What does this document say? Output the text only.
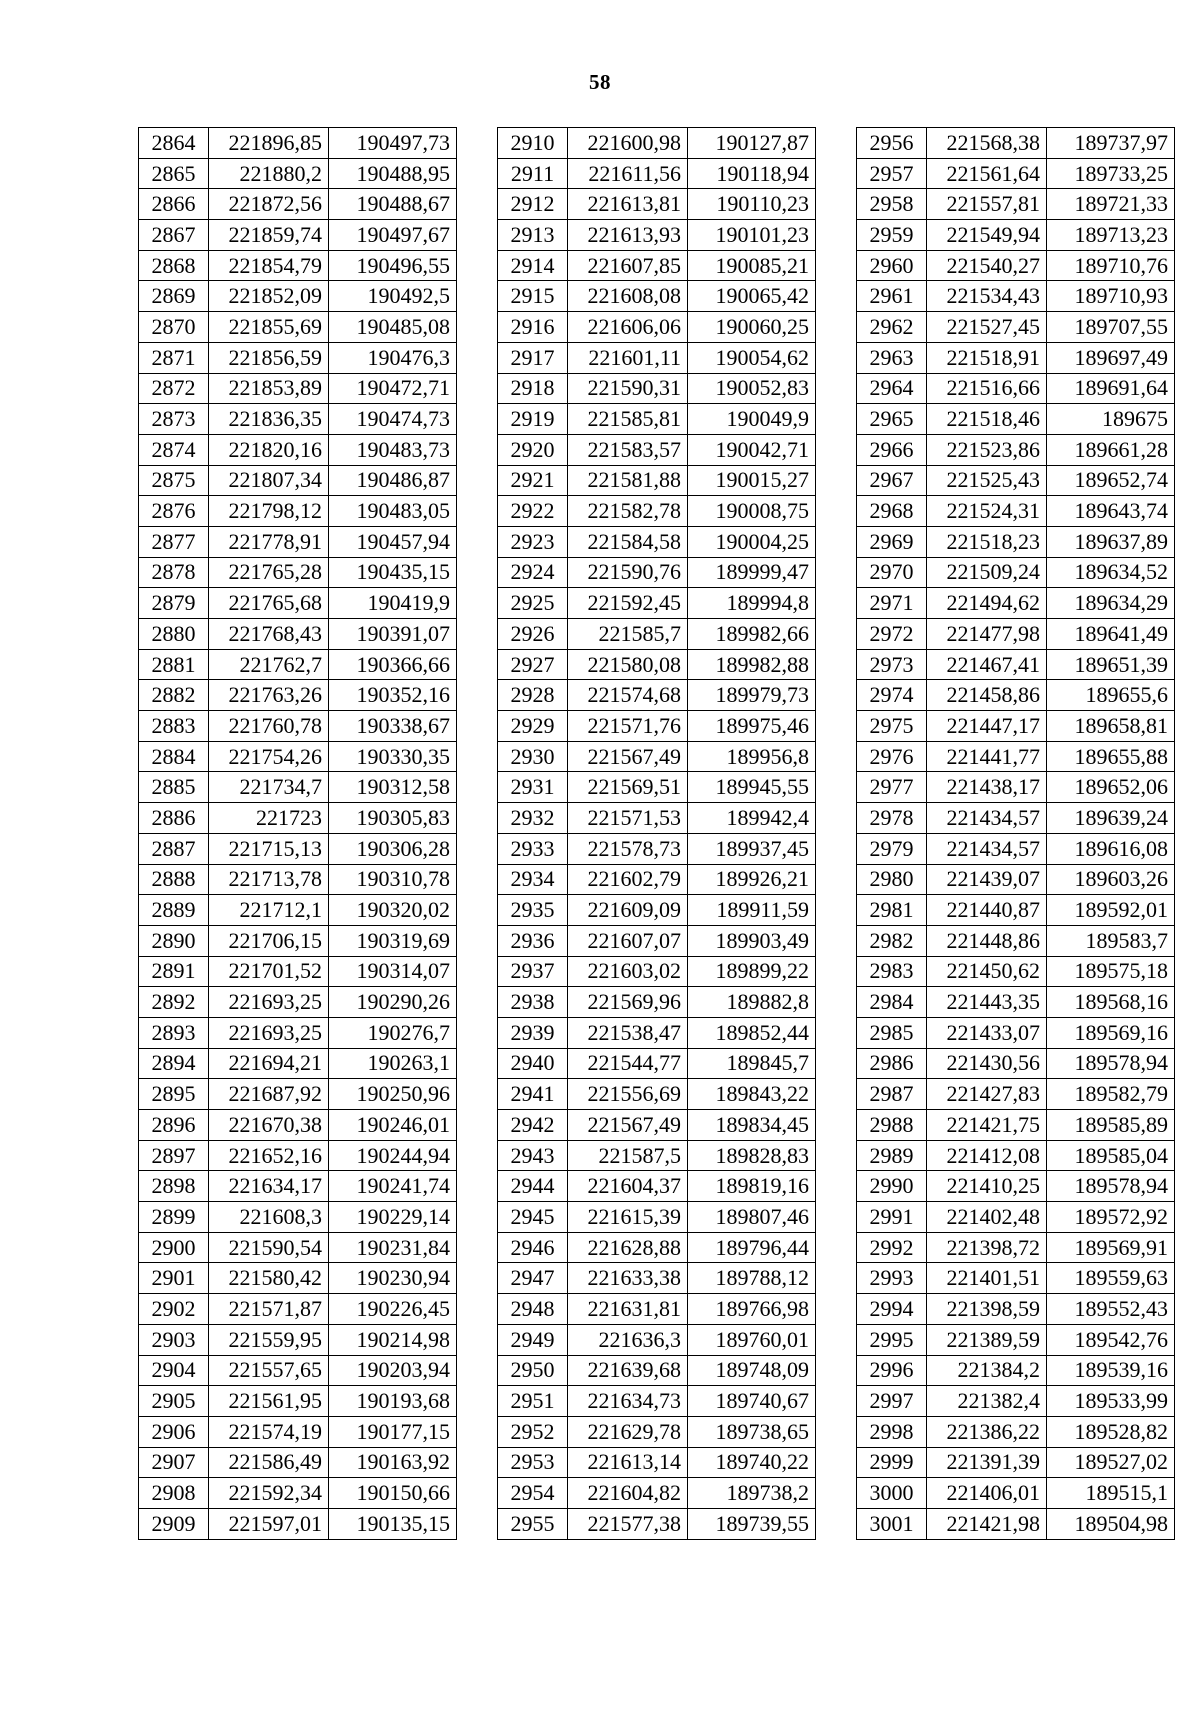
58
2864	221896,85	190497,73
2865	221880,2	190488,95
2866	221872,56	190488,67
2867	221859,74	190497,67
2868	221854,79	190496,55
2869	221852,09	190492,5
2870	221855,69	190485,08
2871	221856,59	190476,3
2872	221853,89	190472,71
2873	221836,35	190474,73
2874	221820,16	190483,73
2875	221807,34	190486,87
2876	221798,12	190483,05
2877	221778,91	190457,94
2878	221765,28	190435,15
2879	221765,68	190419,9
2880	221768,43	190391,07
2881	221762,7	190366,66
2882	221763,26	190352,16
2883	221760,78	190338,67
2884	221754,26	190330,35
2885	221734,7	190312,58
2886	221723	190305,83
2887	221715,13	190306,28
2888	221713,78	190310,78
2889	221712,1	190320,02
2890	221706,15	190319,69
2891	221701,52	190314,07
2892	221693,25	190290,26
2893	221693,25	190276,7
2894	221694,21	190263,1
2895	221687,92	190250,96
2896	221670,38	190246,01
2897	221652,16	190244,94
2898	221634,17	190241,74
2899	221608,3	190229,14
2900	221590,54	190231,84
2901	221580,42	190230,94
2902	221571,87	190226,45
2903	221559,95	190214,98
2904	221557,65	190203,94
2905	221561,95	190193,68
2906	221574,19	190177,15
2907	221586,49	190163,92
2908	221592,34	190150,66
2909	221597,01	190135,15
2910	221600,98	190127,87
2911	221611,56	190118,94
2912	221613,81	190110,23
2913	221613,93	190101,23
2914	221607,85	190085,21
2915	221608,08	190065,42
2916	221606,06	190060,25
2917	221601,11	190054,62
2918	221590,31	190052,83
2919	221585,81	190049,9
2920	221583,57	190042,71
2921	221581,88	190015,27
2922	221582,78	190008,75
2923	221584,58	190004,25
2924	221590,76	189999,47
2925	221592,45	189994,8
2926	221585,7	189982,66
2927	221580,08	189982,88
2928	221574,68	189979,73
2929	221571,76	189975,46
2930	221567,49	189956,8
2931	221569,51	189945,55
2932	221571,53	189942,4
2933	221578,73	189937,45
2934	221602,79	189926,21
2935	221609,09	189911,59
2936	221607,07	189903,49
2937	221603,02	189899,22
2938	221569,96	189882,8
2939	221538,47	189852,44
2940	221544,77	189845,7
2941	221556,69	189843,22
2942	221567,49	189834,45
2943	221587,5	189828,83
2944	221604,37	189819,16
2945	221615,39	189807,46
2946	221628,88	189796,44
2947	221633,38	189788,12
2948	221631,81	189766,98
2949	221636,3	189760,01
2950	221639,68	189748,09
2951	221634,73	189740,67
2952	221629,78	189738,65
2953	221613,14	189740,22
2954	221604,82	189738,2
2955	221577,38	189739,55
2956	221568,38	189737,97
2957	221561,64	189733,25
2958	221557,81	189721,33
2959	221549,94	189713,23
2960	221540,27	189710,76
2961	221534,43	189710,93
2962	221527,45	189707,55
2963	221518,91	189697,49
2964	221516,66	189691,64
2965	221518,46	189675
2966	221523,86	189661,28
2967	221525,43	189652,74
2968	221524,31	189643,74
2969	221518,23	189637,89
2970	221509,24	189634,52
2971	221494,62	189634,29
2972	221477,98	189641,49
2973	221467,41	189651,39
2974	221458,86	189655,6
2975	221447,17	189658,81
2976	221441,77	189655,88
2977	221438,17	189652,06
2978	221434,57	189639,24
2979	221434,57	189616,08
2980	221439,07	189603,26
2981	221440,87	189592,01
2982	221448,86	189583,7
2983	221450,62	189575,18
2984	221443,35	189568,16
2985	221433,07	189569,16
2986	221430,56	189578,94
2987	221427,83	189582,79
2988	221421,75	189585,89
2989	221412,08	189585,04
2990	221410,25	189578,94
2991	221402,48	189572,92
2992	221398,72	189569,91
2993	221401,51	189559,63
2994	221398,59	189552,43
2995	221389,59	189542,76
2996	221384,2	189539,16
2997	221382,4	189533,99
2998	221386,22	189528,82
2999	221391,39	189527,02
3000	221406,01	189515,1
3001	221421,98	189504,98
